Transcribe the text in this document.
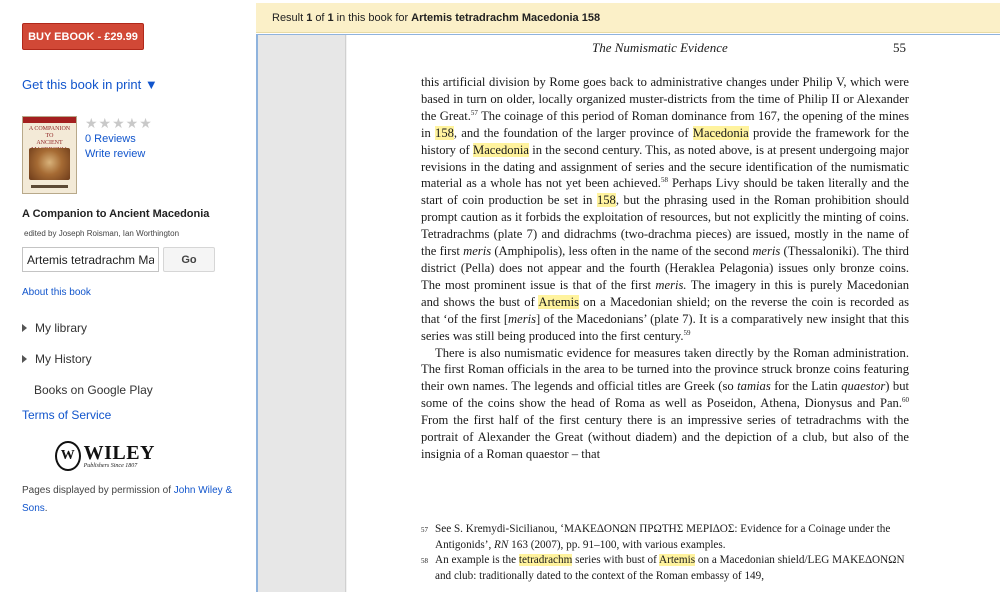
BUY EBOOK - £29.99
Get this book in print ▼
A COMPANION TO
ANCIENT
★★★★★
0 Reviews
Write review
A Companion to Ancient Macedonia
edited by Joseph Roisman, Ian Worthington
Artemis tetradrachm Ma
Go
About this book
My library
My History
Books on Google Play
Terms of Service
W WILEY
Publishers Since 1807
Pages displayed by permission of John Wiley & Sons.
Result 1 of 1 in this book for Artemis tetradrachm Macedonia 158
The Numismatic Evidence	55

this artificial division by Rome goes back to administrative changes under Philip V, which were based in turn on older, locally organized muster-districts from the time of Philip II or Alexander the Great.$^{57}$ The coinage of this period of Roman dominance from 167, the opening of the mines in 158, and the foundation of the larger province of Macedonia provide the framework for the history of Macedonia in the second century. This, as noted above, is at present undergoing major revisions in the dating and assignment of series and the secure identification of the numismatic material as a whole has not yet been achieved.$^{58}$ Perhaps Livy should be taken literally and the start of coin production be set in 158, but the phrasing used in the Roman prohibition should prompt caution as it forbids the exploitation of resources, but not explicitly the minting of coins. Tetradrachms (plate 7) and didrachms (two-drachma pieces) are issued, mostly in the name of the first meris (Amphipolis), less often in the name of the second meris (Thessaloniki). The third district (Pella) does not appear and the fourth (Heraklea Pelagonia) issues only bronze coins. The most prominent issue is that of the first meris. The imagery in this is purely Macedonian and shows the bust of Artemis on a Macedonian shield; on the reverse the coin is recorded as that ‘of the first [meris] of the Macedonians’ (plate 7). It is a comparatively new insight that this series was still being produced into the first century.$^{59}$

There is also numismatic evidence for measures taken directly by the Roman administration. The first Roman officials in the area to be turned into the province struck bronze coins featuring their own names. The legends and official titles are Greek (so tamias for the Latin quaestor) but some of the coins show the head of Roma as well as Poseidon, Athena, Dionysus and Pan.$^{60}$ From the first half of the first century there is an impressive series of tetradrachms with the portrait of Alexander the Great (without diadem) and the depiction of a club, but also of the insignia of a Roman quaestor – that

57 See S. Kremydi-Sicilianou, ‘ΜΑΚΕΔΟΝΩΝ ΠΡΩΤΗΣ ΜΕΡΙΔΟΣ: Evidence for a Coinage under the Antigonids’, RN 163 (2007), pp. 91–100, with various examples.
58 An example is the tetradrachm series with bust of Artemis on a Macedonian shield/LEG ΜΑΚΕΔΟΝΩΝ and club: traditionally dated to the context of the Roman embassy of 149,
